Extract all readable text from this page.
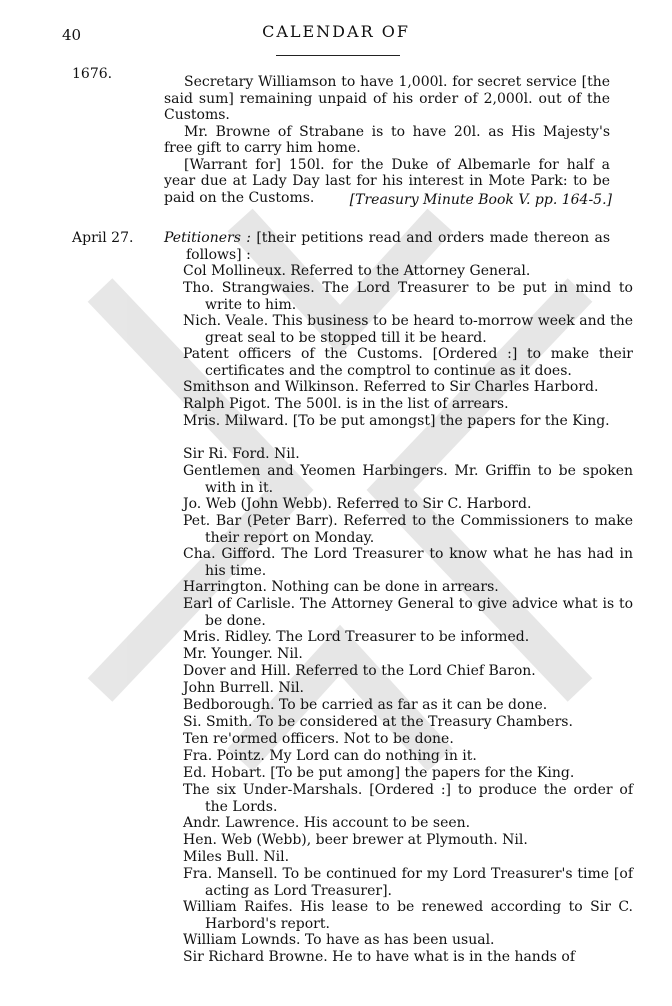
40	CALENDAR OF
1676.	Secretary Williamson to have 1,000l. for secret service [the said sum] remaining unpaid of his order of 2,000l. out of the Customs.

Mr. Browne of Strabane is to have 20l. as His Majesty's free gift to carry him home.

[Warrant for] 150l. for the Duke of Albemarle for half a year due at Lady Day last for his interest in Mote Park: to be paid on the Customs.	[Treasury Minute Book V. pp. 164-5.]
April 27. Petitioners : [their petitions read and orders made thereon as follows] :
Col Mollineux. Referred to the Attorney General.
Tho. Strangwaies. The Lord Treasurer to be put in mind to write to him.
Nich. Veale. This business to be heard to-morrow week and the great seal to be stopped till it be heard.
Patent officers of the Customs. [Ordered :] to make their certificates and the comptrol to continue as it does.
Smithson and Wilkinson. Referred to Sir Charles Harbord.
Ralph Pigot. The 500l. is in the list of arrears.
Mris. Milward. [To be put amongst] the papers for the King.
Sir Ri. Ford. Nil.
Gentlemen and Yeomen Harbingers. Mr. Griffin to be spoken with in it.
Jo. Web (John Webb). Referred to Sir C. Harbord.
Pet. Bar (Peter Barr). Referred to the Commissioners to make their report on Monday.
Cha. Gifford. The Lord Treasurer to know what he has had in his time.
Harrington. Nothing can be done in arrears.
Earl of Carlisle. The Attorney General to give advice what is to be done.
Mris. Ridley. The Lord Treasurer to be informed.
Mr. Younger. Nil.
Dover and Hill. Referred to the Lord Chief Baron.
John Burrell. Nil.
Bedborough. To be carried as far as it can be done.
Si. Smith. To be considered at the Treasury Chambers.
Ten re'ormed officers. Not to be done.
Fra. Pointz. My Lord can do nothing in it.
Ed. Hobart. [To be put among] the papers for the King.
The six Under-Marshals. [Ordered :] to produce the order of the Lords.
Andr. Lawrence. His account to be seen.
Hen. Web (Webb), beer brewer at Plymouth. Nil.
Miles Bull. Nil.
Fra. Mansell. To be continued for my Lord Treasurer's time [of acting as Lord Treasurer].
William Raifes. His lease to be renewed according to Sir C. Harbord's report.
William Lownds. To have as has been usual.
Sir Richard Browne. He to have what is in the hands of
